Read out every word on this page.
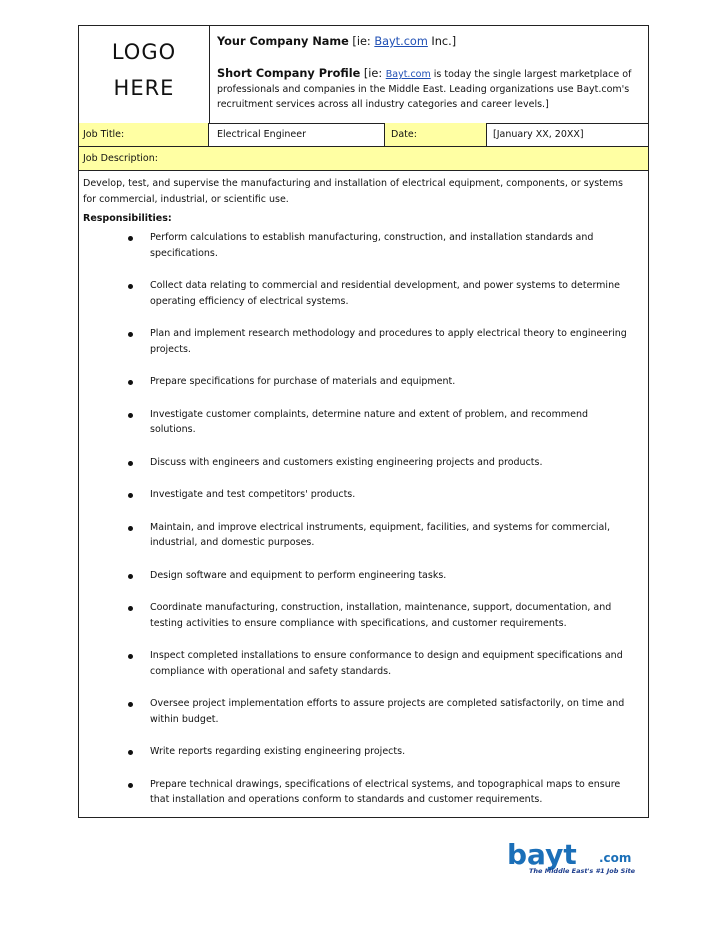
LOGO
HERE
Your Company Name [ie: Bayt.com Inc.]
Short Company Profile [ie: Bayt.com is today the single largest marketplace of
professionals and companies in the Middle East. Leading organizations use Bayt.com's
recruitment services across all industry categories and career levels.]
Job Title:	Electrical Engineer	Date:	[January XX, 20XX]
Job Description:
Develop, test, and supervise the manufacturing and installation of electrical equipment, components, or systems
for commercial, industrial, or scientific use.
Responsibilities:
Perform calculations to establish manufacturing, construction, and installation standards and
specifications.
Collect data relating to commercial and residential development, and power systems to determine
operating efficiency of electrical systems.
Plan and implement research methodology and procedures to apply electrical theory to engineering
projects.
Prepare specifications for purchase of materials and equipment.
Investigate customer complaints, determine nature and extent of problem, and recommend
solutions.
Discuss with engineers and customers existing engineering projects and products.
Investigate and test competitors' products.
Maintain, and improve electrical instruments, equipment, facilities, and systems for commercial,
industrial, and domestic purposes.
Design software and equipment to perform engineering tasks.
Coordinate manufacturing, construction, installation, maintenance, support, documentation, and
testing activities to ensure compliance with specifications, and customer requirements.
Inspect completed installations to ensure conformance to design and equipment specifications and
compliance with operational and safety standards.
Oversee project implementation efforts to assure projects are completed satisfactorily, on time and
within budget.
Write reports regarding existing engineering projects.
Prepare technical drawings, specifications of electrical systems, and topographical maps to ensure
that installation and operations conform to standards and customer requirements.
bayt .com
The Middle East's #1 Job Site
